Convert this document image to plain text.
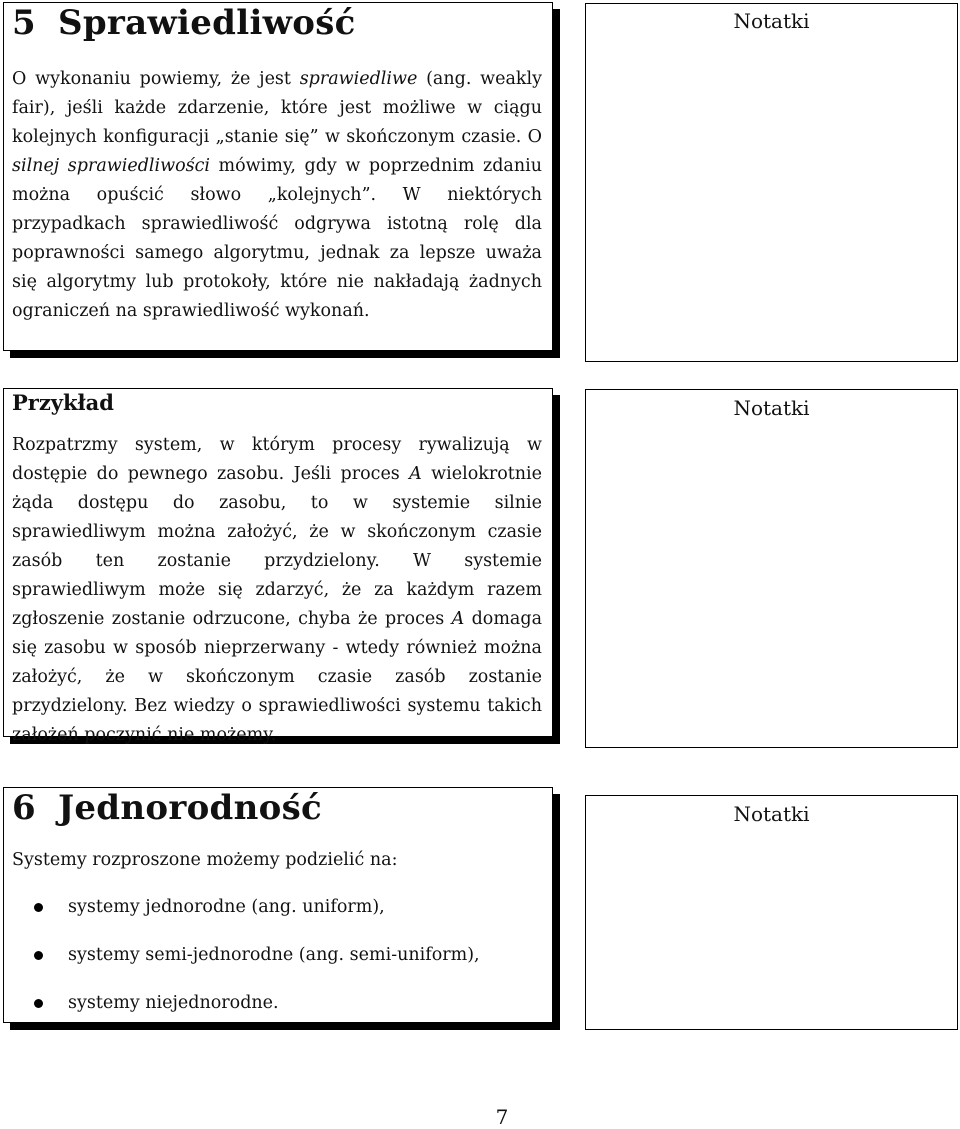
5 Sprawiedliwość
O wykonaniu powiemy, że jest sprawiedliwe (ang. weakly fair), jeśli każde zdarzenie, które jest możliwe w ciągu kolejnych konfiguracji „stanie się” w skończonym czasie. O silnej sprawiedliwości mówimy, gdy w poprzednim zdaniu można opuścić słowo „kolejnych”. W niektórych przypadkach sprawiedliwość odgrywa istotną rolę dla poprawności samego algorytmu, jednak za lepsze uważa się algorytmy lub protokoły, które nie nakładają żadnych ograniczeń na sprawiedliwość wykonań.
Notatki
Przykład
Rozpatrzmy system, w którym procesy rywalizują w dostępie do pewnego zasobu. Jeśli proces A wielokrotnie żąda dostępu do zasobu, to w systemie silnie sprawiedliwym można założyć, że w skończonym czasie zasób ten zostanie przydzielony. W systemie sprawiedliwym może się zdarzyć, że za każdym razem zgłoszenie zostanie odrzucone, chyba że proces A domaga się zasobu w sposób nieprzerwany - wtedy również można założyć, że w skończonym czasie zasób zostanie przydzielony. Bez wiedzy o sprawiedliwości systemu takich założeń poczynić nie możemy.
Notatki
6 Jednorodność
Systemy rozproszone możemy podzielić na:
systemy jednorodne (ang. uniform),
systemy semi-jednorodne (ang. semi-uniform),
systemy niejednorodne.
Notatki
7
